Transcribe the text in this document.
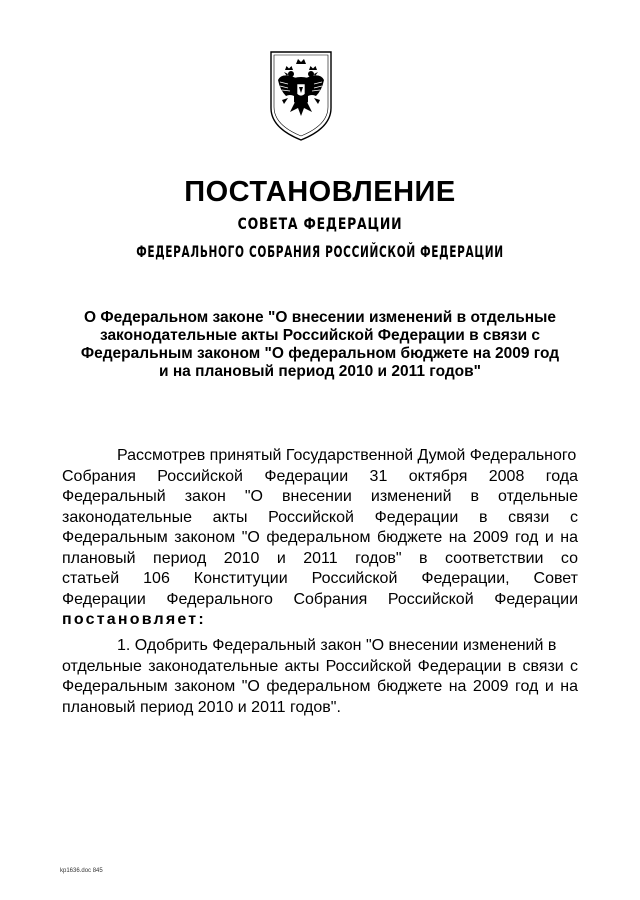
ПОСТАНОВЛЕНИЕ
СОВЕТА ФЕДЕРАЦИИ
ФЕДЕРАЛЬНОГО СОБРАНИЯ РОССИЙСКОЙ ФЕДЕРАЦИИ
О Федеральном законе "О внесении изменений в отдельные
законодательные акты Российской Федерации в связи с
Федеральным законом "О федеральном бюджете на 2009 год
и на плановый период 2010 и 2011 годов"
Рассмотрев принятый Государственной Думой Федерального
Собрания Российской Федерации 31 октября 2008 года
Федеральный закон "О внесении изменений в отдельные
законодательные акты Российской Федерации в связи с
Федеральным законом "О федеральном бюджете на 2009 год и на
плановый период 2010 и 2011 годов" в соответствии со
статьей 106 Конституции Российской Федерации, Совет
Федерации Федерального Собрания Российской Федерации
постановляет:
1. Одобрить Федеральный закон "О внесении изменений в
отдельные законодательные акты Российской Федерации в связи с
Федеральным законом "О федеральном бюджете на 2009 год и на
плановый период 2010 и 2011 годов".
kp1636.doc 845
